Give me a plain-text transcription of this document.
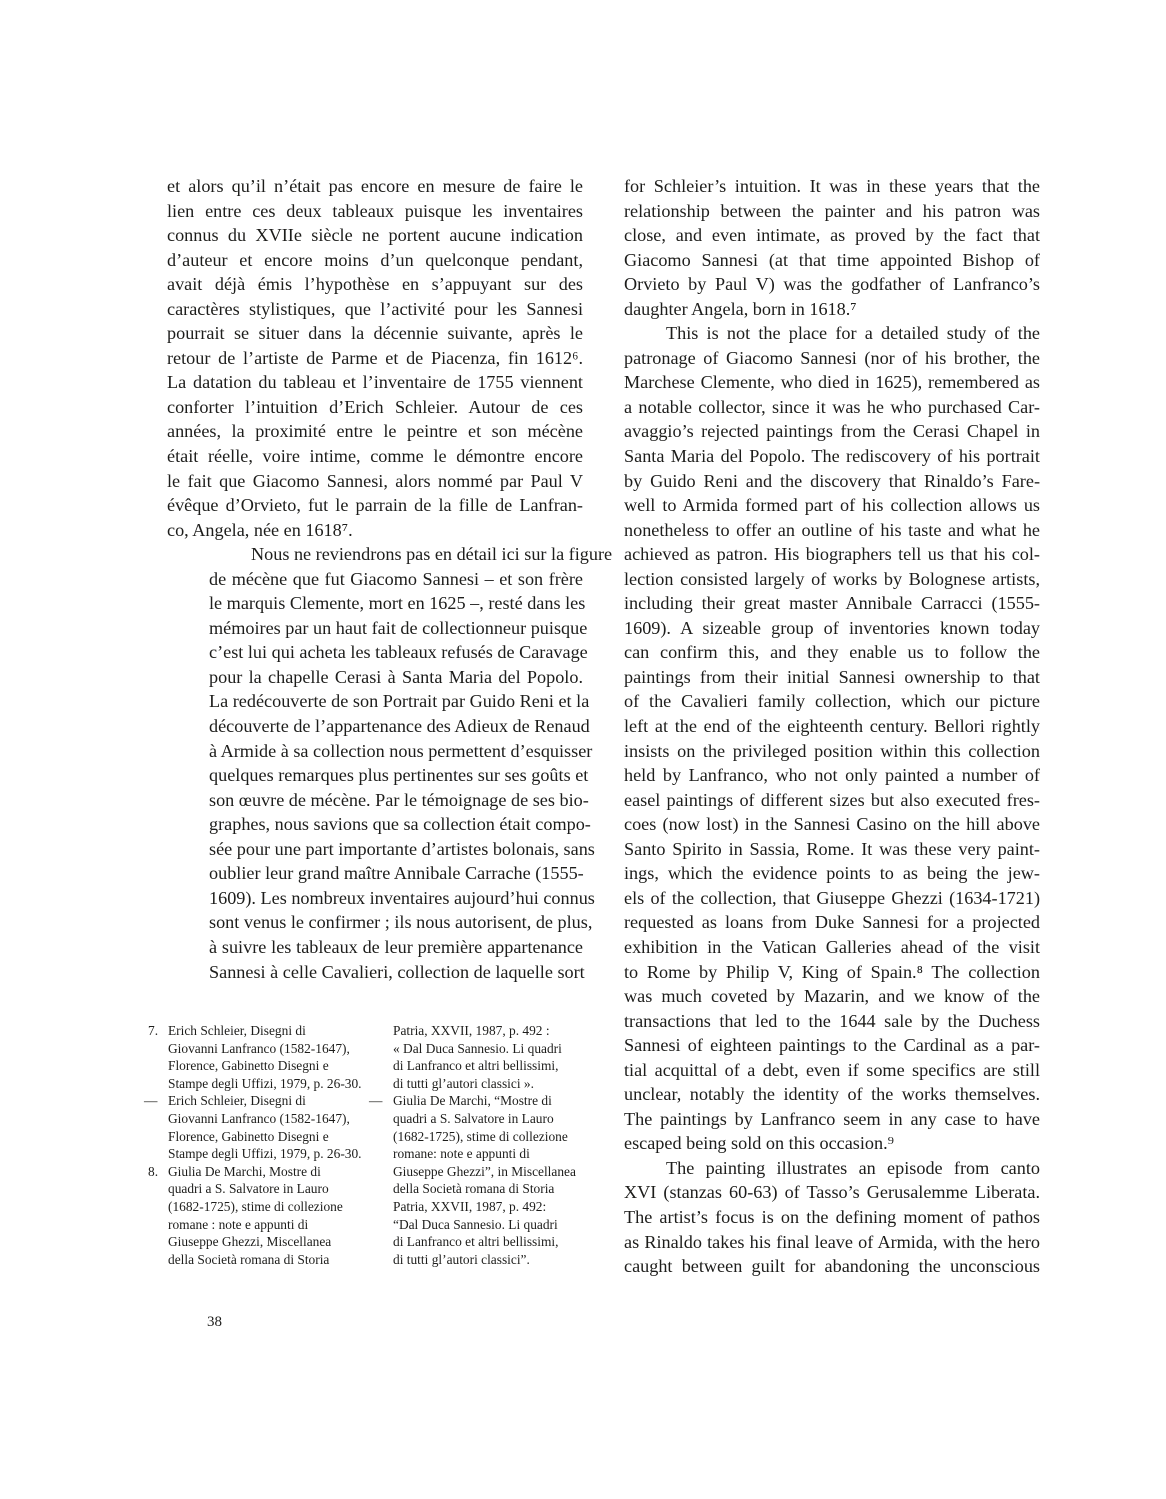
et alors qu’il n’était pas encore en mesure de faire le
lien entre ces deux tableaux puisque les inventaires
connus du XVIIe siècle ne portent aucune indication
d’auteur et encore moins d’un quelconque pendant,
avait déjà émis l’hypothèse en s’appuyant sur des
caractères stylistiques, que l’activité pour les Sannesi
pourrait se situer dans la décennie suivante, après le
retour de l’artiste de Parme et de Piacenza, fin 1612⁶.
La datation du tableau et l’inventaire de 1755 viennent
conforter l’intuition d’Erich Schleier. Autour de ces
années, la proximité entre le peintre et son mécène
était réelle, voire intime, comme le démontre encore
le fait que Giacomo Sannesi, alors nommé par Paul V
évêque d’Orvieto, fut le parrain de la fille de Lanfran-
co, Angela, née en 1618⁷.

Nous ne reviendrons pas en détail ici sur la figure
de mécène que fut Giacomo Sannesi – et son frère
le marquis Clemente, mort en 1625 –, resté dans les
mémoires par un haut fait de collectionneur puisque
c’est lui qui acheta les tableaux refusés de Caravage
pour la chapelle Cerasi à Santa Maria del Popolo.
La redécouverte de son Portrait par Guido Reni et la
découverte de l’appartenance des Adieux de Renaud
à Armide à sa collection nous permettent d’esquisser
quelques remarques plus pertinentes sur ses goûts et
son œuvre de mécène. Par le témoignage de ses bio-
graphes, nous savions que sa collection était compo-
sée pour une part importante d’artistes bolonais, sans
oublier leur grand maître Annibale Carrache (1555-
1609). Les nombreux inventaires aujourd’hui connus
sont venus le confirmer ; ils nous autorisent, de plus,
à suivre les tableaux de leur première appartenance
Sannesi à celle Cavalieri, collection de laquelle sort

for Schleier’s intuition. It was in these years that the
relationship between the painter and his patron was
close, and even intimate, as proved by the fact that
Giacomo Sannesi (at that time appointed Bishop of
Orvieto by Paul V) was the godfather of Lanfranco’s
daughter Angela, born in 1618.⁷

This is not the place for a detailed study of the
patronage of Giacomo Sannesi (nor of his brother, the
Marchese Clemente, who died in 1625), remembered as
a notable collector, since it was he who purchased Car-
avaggio’s rejected paintings from the Cerasi Chapel in
Santa Maria del Popolo. The rediscovery of his portrait
by Guido Reni and the discovery that Rinaldo’s Fare-
well to Armida formed part of his collection allows us
nonetheless to offer an outline of his taste and what he
achieved as patron. His biographers tell us that his col-
lection consisted largely of works by Bolognese artists,
including their great master Annibale Carracci (1555-
1609). A sizeable group of inventories known today
can confirm this, and they enable us to follow the
paintings from their initial Sannesi ownership to that
of the Cavalieri family collection, which our picture
left at the end of the eighteenth century. Bellori rightly
insists on the privileged position within this collection
held by Lanfranco, who not only painted a number of
easel paintings of different sizes but also executed fres-
coes (now lost) in the Sannesi Casino on the hill above
Santo Spirito in Sassia, Rome. It was these very paint-
ings, which the evidence points to as being the jew-
els of the collection, that Giuseppe Ghezzi (1634-1721)
requested as loans from Duke Sannesi for a projected
exhibition in the Vatican Galleries ahead of the visit
to Rome by Philip V, King of Spain.⁸ The collection
was much coveted by Mazarin, and we know of the
transactions that led to the 1644 sale by the Duchess
Sannesi of eighteen paintings to the Cardinal as a par-
tial acquittal of a debt, even if some specifics are still
unclear, notably the identity of the works themselves.
The paintings by Lanfranco seem in any case to have
escaped being sold on this occasion.⁹

The painting illustrates an episode from canto
XVI (stanzas 60-63) of Tasso’s Gerusalemme Liberata.
The artist’s focus is on the defining moment of pathos
as Rinaldo takes his final leave of Armida, with the hero
caught between guilt for abandoning the unconscious

7. Erich Schleier, Disegni di
Giovanni Lanfranco (1582-1647),
Florence, Gabinetto Disegni e
Stampe degli Uffizi, 1979, p. 26-30.
— Erich Schleier, Disegni di
Giovanni Lanfranco (1582-1647),
Florence, Gabinetto Disegni e
Stampe degli Uffizi, 1979, p. 26-30.
8. Giulia De Marchi, Mostre di
quadri a S. Salvatore in Lauro
(1682-1725), stime di collezione
romane : note e appunti di
Giuseppe Ghezzi, Miscellanea
della Società romana di Storia
Patria, XXVII, 1987, p. 492 :
« Dal Duca Sannesio. Li quadri
di Lanfranco et altri bellissimi,
di tutti gl’autori classici ».
— Giulia De Marchi, “Mostre di
quadri a S. Salvatore in Lauro
(1682-1725), stime di collezione
romane: note e appunti di
Giuseppe Ghezzi”, in Miscellanea
della Società romana di Storia
Patria, XXVII, 1987, p. 492:
“Dal Duca Sannesio. Li quadri
di Lanfranco et altri bellissimi,
di tutti gl’autori classici”.
38
